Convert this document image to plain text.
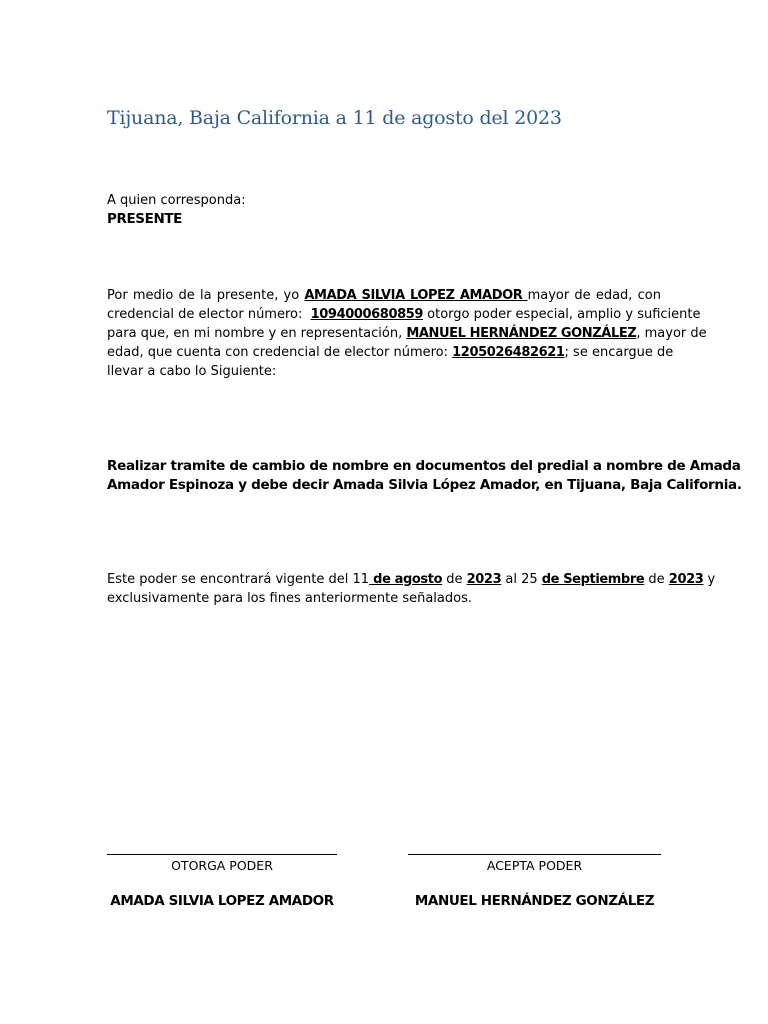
Tijuana, Baja California a 11 de agosto del 2023
A quien corresponda:
PRESENTE
Por medio de la presente, yo AMADA SILVIA LOPEZ AMADOR mayor de edad, con
credencial de elector número:  1094000680859 otorgo poder especial, amplio y suficiente
para que, en mi nombre y en representación, MANUEL HERNÁNDEZ GONZÁLEZ, mayor de
edad, que cuenta con credencial de elector número: 1205026482621; se encargue de
llevar a cabo lo Siguiente:
Realizar tramite de cambio de nombre en documentos del predial a nombre de Amada
Amador Espinoza y debe decir Amada Silvia López Amador, en Tijuana, Baja California.
Este poder se encontrará vigente del 11 de agosto de 2023 al 25 de Septiembre de 2023 y
exclusivamente para los fines anteriormente señalados.
OTORGA PODER
AMADA SILVIA LOPEZ AMADOR
ACEPTA PODER
MANUEL HERNÁNDEZ GONZÁLEZ
